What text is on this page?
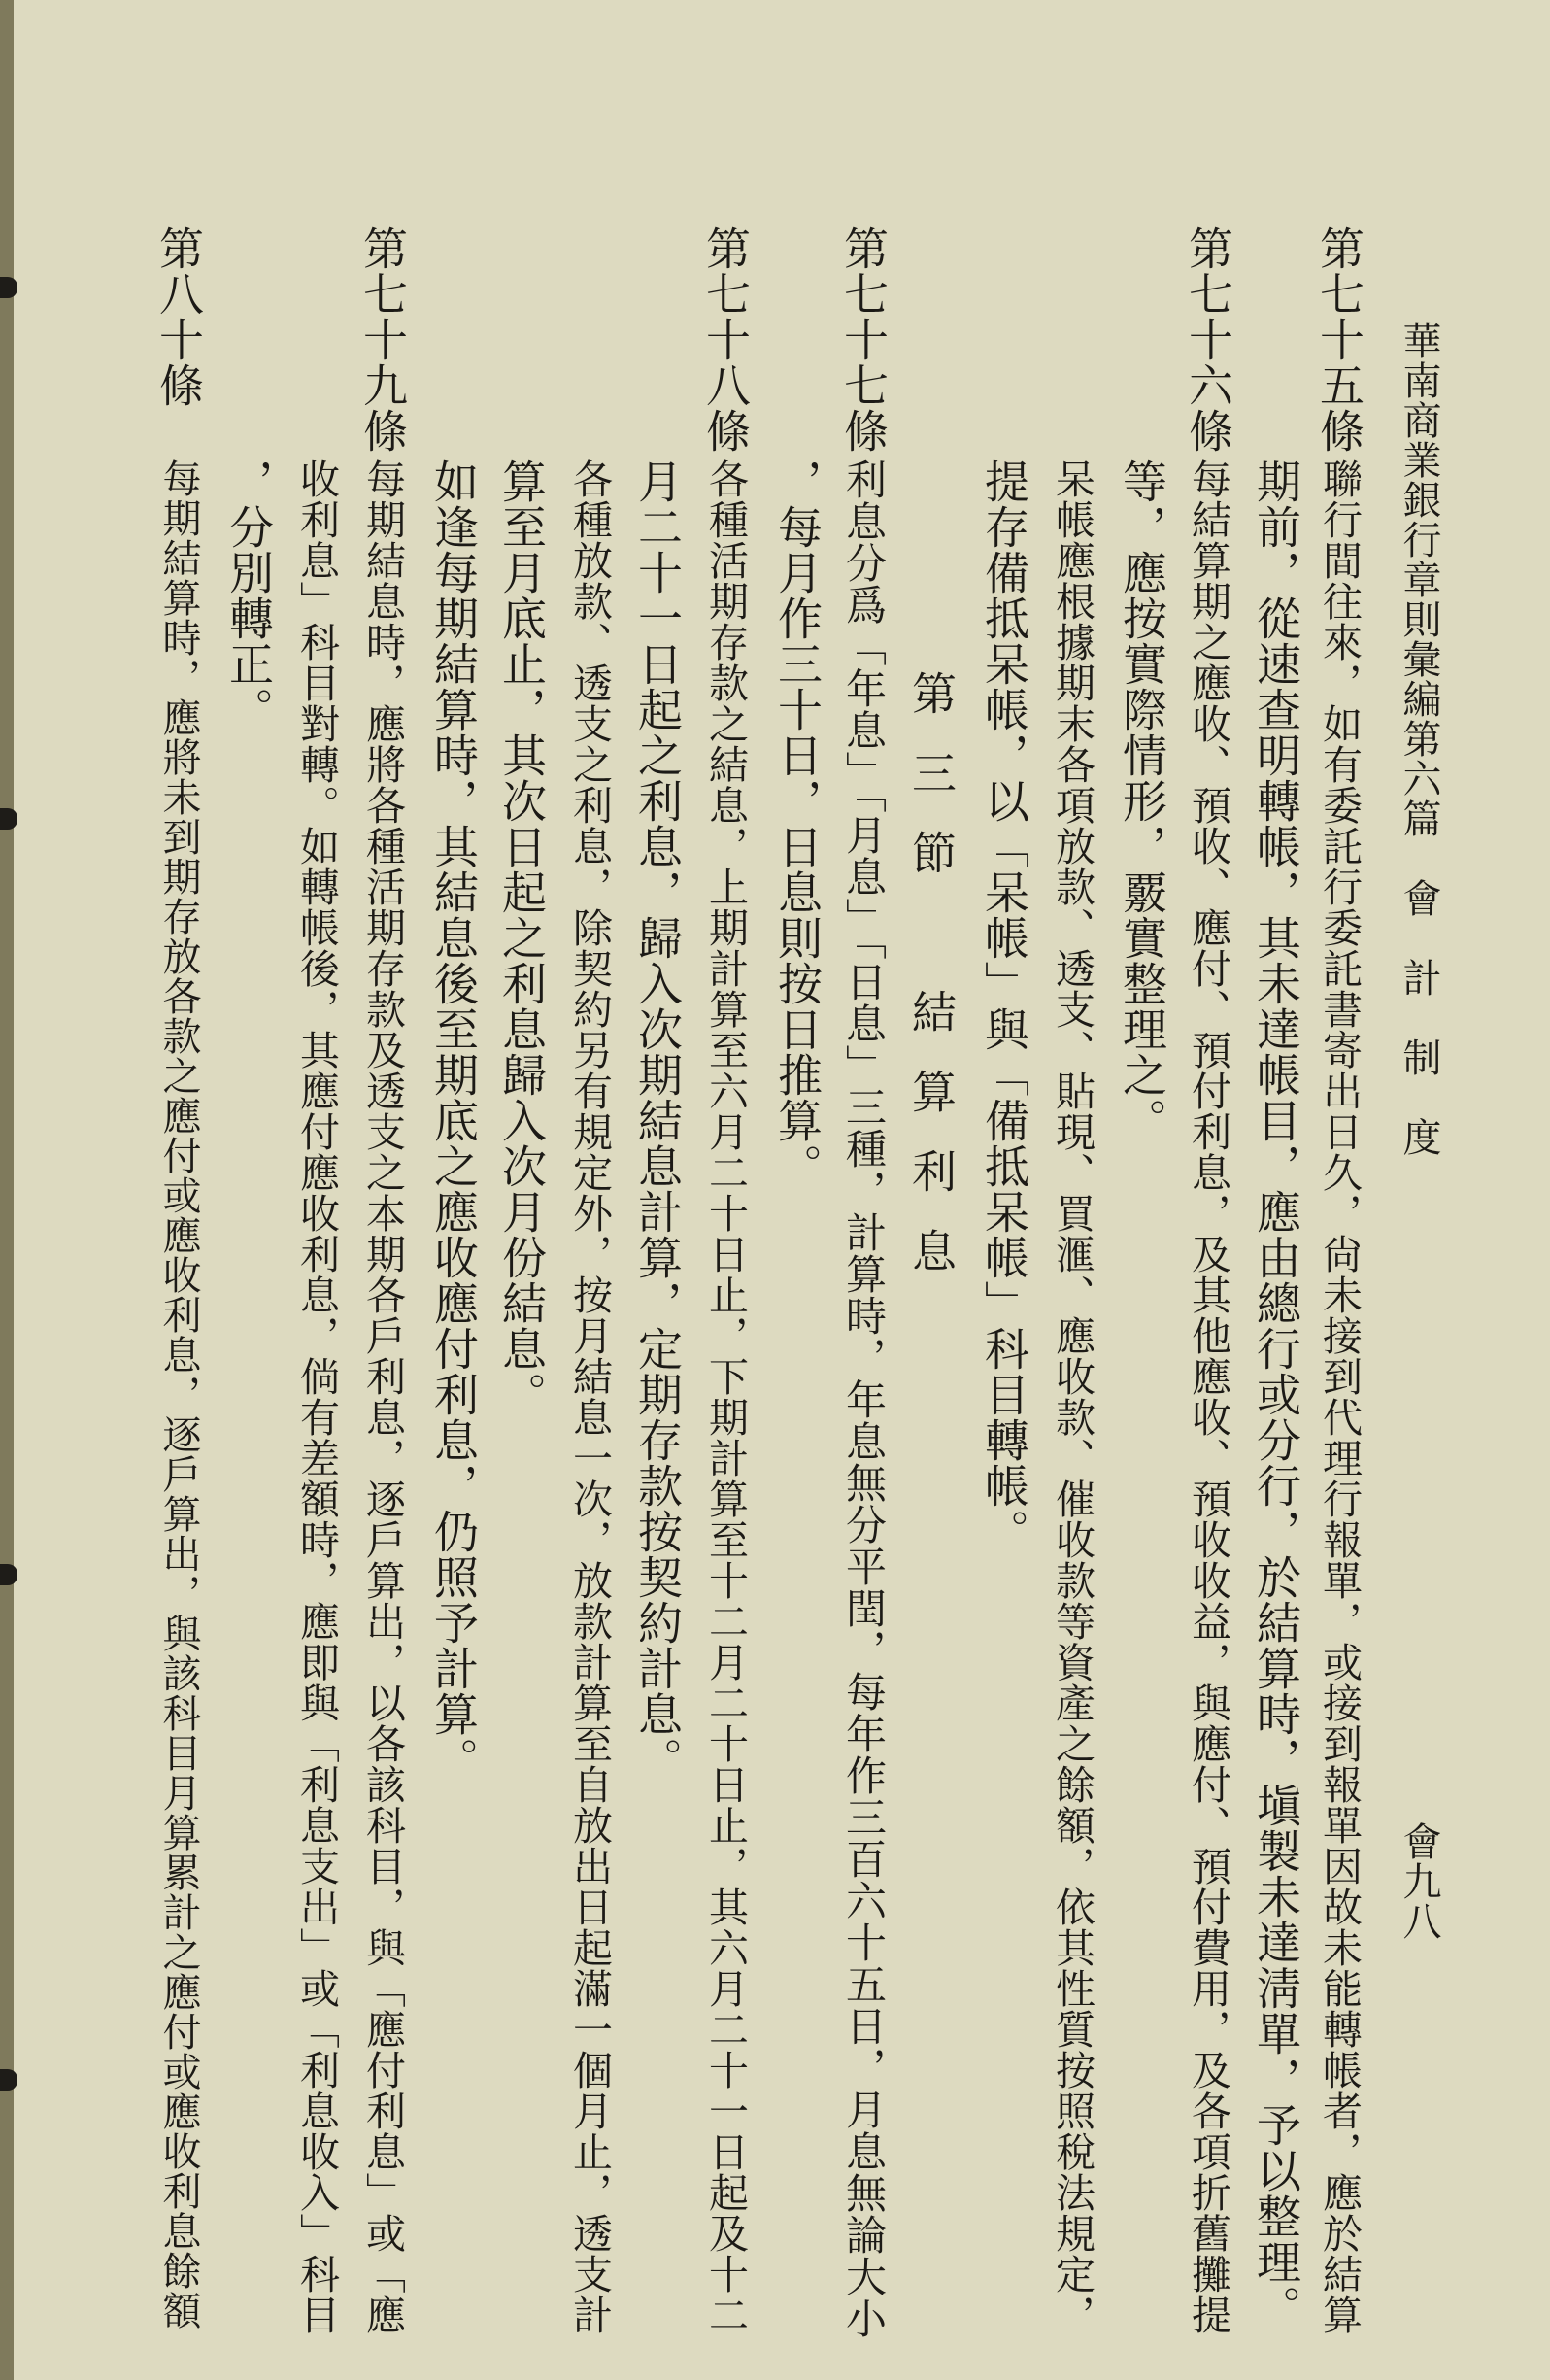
華南商業銀行章則彙編
第六篇　會　計　制　度
會九八
第七十五條
聯行間往來，如有委託行委託書寄出日久，尙未接到代理行報單，或接到報單因故未能轉帳者，應於結算
期前，從速查明轉帳，其未達帳目，應由總行或分行，於結算時，塡製未達淸單，予以整理。
第七十六條
每結算期之應收、預收、應付、預付利息，及其他應收、預收收益，與應付、預付費用，及各項折舊攤提
等，應按實際情形，覈實整理之。
呆帳應根據期末各項放款、透支、貼現、買滙、應收款、催收款等資產之餘額，依其性質按照稅法規定，
提存備抵呆帳，以「呆帳」與「備抵呆帳」科目轉帳。
第三節　結算利息
第七十七條
利息分爲「年息」「月息」「日息」三種，計算時，年息無分平閏，每年作三百六十五日，月息無論大小
，每月作三十日，日息則按日推算。
第七十八條
各種活期存款之結息，上期計算至六月二十日止，下期計算至十二月二十日止，其六月二十一日起及十二
月二十一日起之利息，歸入次期結息計算，定期存款按契約計息。
各種放款、透支之利息，除契約另有規定外，按月結息一次，放款計算至自放出日起滿一個月止，透支計
算至月底止，其次日起之利息歸入次月份結息。
如逢每期結算時，其結息後至期底之應收應付利息，仍照予計算。
第七十九條
每期結息時，應將各種活期存款及透支之本期各戶利息，逐戶算出，以各該科目，與「應付利息」或「應
收利息」科目對轉。如轉帳後，其應付應收利息，倘有差額時，應即與「利息支出」或「利息收入」科目
，分別轉正。
第八十條
每期結算時，應將未到期存放各款之應付或應收利息，逐戶算出，與該科目月算累計之應付或應收利息餘額
